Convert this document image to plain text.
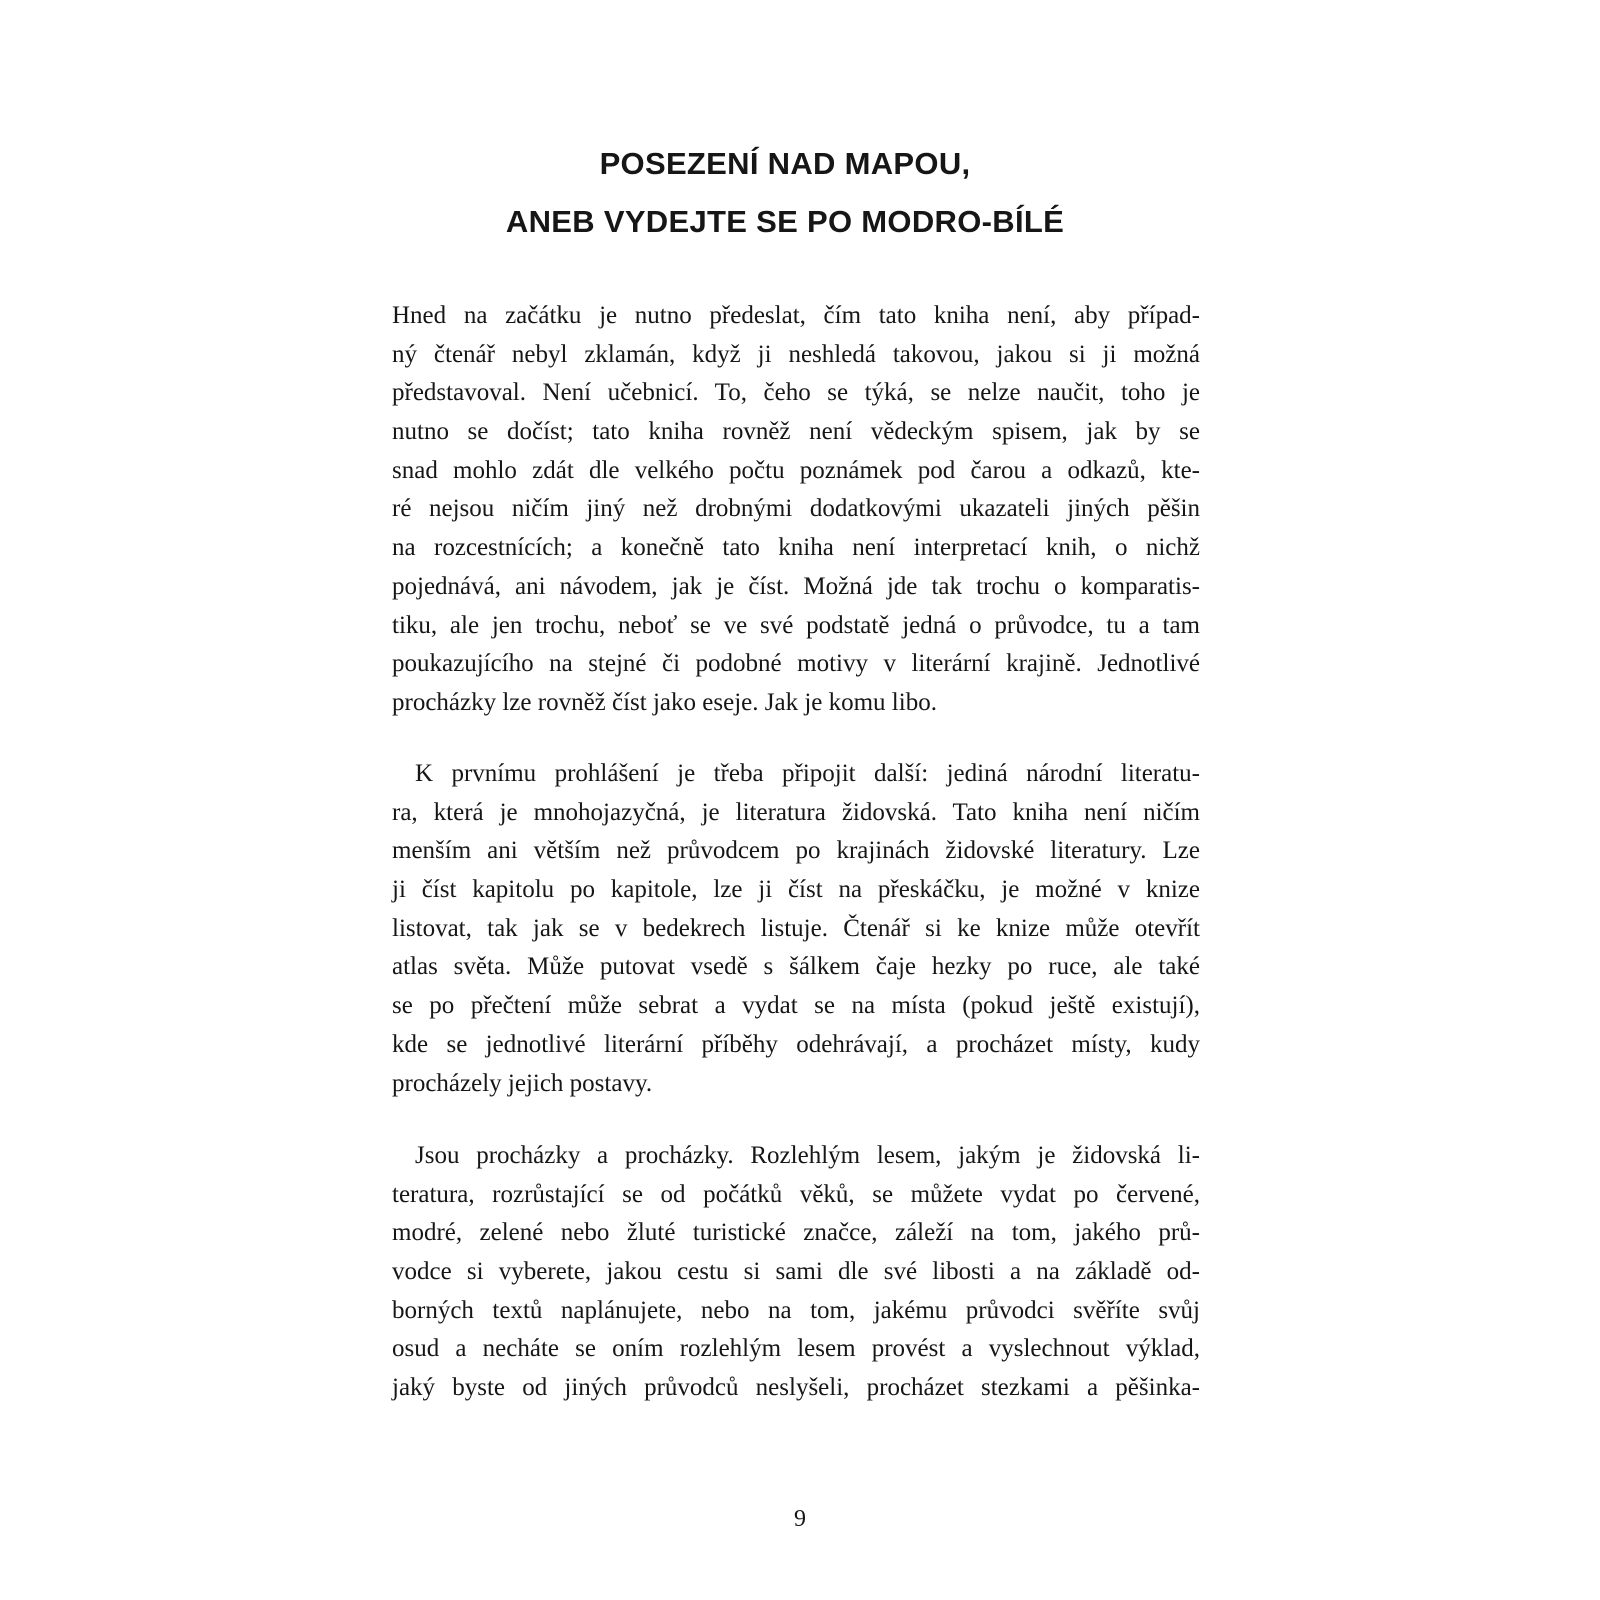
POSEZENÍ NAD MAPOU,
ANEB VYDEJTE SE PO MODRO-BÍLÉ
Hned na začátku je nutno předeslat, čím tato kniha není, aby případ-
ný čtenář nebyl zklamán, když ji neshledá takovou, jakou si ji možná
představoval. Není učebnicí. To, čeho se týká, se nelze naučit, toho je
nutno se dočíst; tato kniha rovněž není vědeckým spisem, jak by se
snad mohlo zdát dle velkého počtu poznámek pod čarou a odkazů, kte-
ré nejsou ničím jiný než drobnými dodatkovými ukazateli jiných pěšin
na rozcestnících; a konečně tato kniha není interpretací knih, o nichž
pojednává, ani návodem, jak je číst. Možná jde tak trochu o komparatis-
tiku, ale jen trochu, neboť se ve své podstatě jedná o průvodce, tu a tam
poukazujícího na stejné či podobné motivy v literární krajině. Jednotlivé
procházky lze rovněž číst jako eseje. Jak je komu libo.
K prvnímu prohlášení je třeba připojit další: jediná národní literatu-
ra, která je mnohojazyčná, je literatura židovská. Tato kniha není ničím
menším ani větším než průvodcem po krajinách židovské literatury. Lze
ji číst kapitolu po kapitole, lze ji číst na přeskáčku, je možné v knize
listovat, tak jak se v bedekrech listuje. Čtenář si ke knize může otevřít
atlas světa. Může putovat vsedě s šálkem čaje hezky po ruce, ale také
se po přečtení může sebrat a vydat se na místa (pokud ještě existují),
kde se jednotlivé literární příběhy odehrávají, a procházet místy, kudy
procházely jejich postavy.
Jsou procházky a procházky. Rozlehlým lesem, jakým je židovská li-
teratura, rozrůstající se od počátků věků, se můžete vydat po červené,
modré, zelené nebo žluté turistické značce, záleží na tom, jakého prů-
vodce si vyberete, jakou cestu si sami dle své libosti a na základě od-
borných textů naplánujete, nebo na tom, jakému průvodci svěříte svůj
osud a necháte se oním rozlehlým lesem provést a vyslechnout výklad,
jaký byste od jiných průvodců neslyšeli, procházet stezkami a pěšinka-
9
